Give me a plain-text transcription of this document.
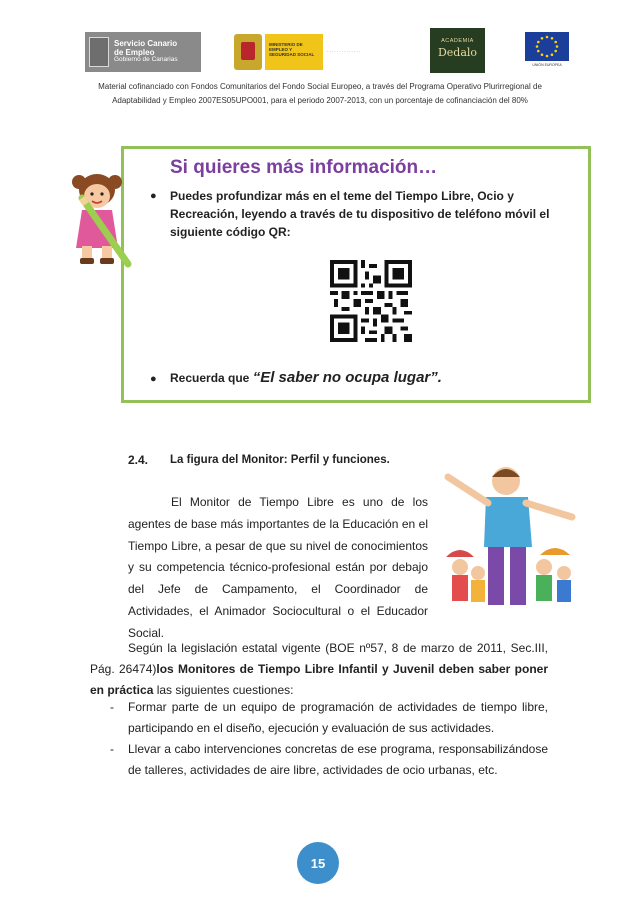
Servicio Canario
de Empleo
Gobierno de Canarias
MINISTERIO DE EMPLEO Y SEGURIDAD SOCIAL
· · · · · · · · · · · · · ·
ACADEMIA
Dedalo
UNIÓN EUROPEA
Material cofinanciado con Fondos Comunitarios del Fondo Social Europeo, a través del Programa Operativo Plurirregional de
Adaptabilidad y Empleo 2007ES05UPO001, para el periodo 2007-2013, con un porcentaje de cofinanciación del 80%
Si quieres más información…
● Puedes profundizar más en el teme del Tiempo Libre, Ocio y Recreación, leyendo a través de tu dispositivo de teléfono móvil el siguiente código QR:
● Recuerda que “El saber no ocupa lugar”.
2.4. La figura del Monitor: Perfil y funciones.
El Monitor de Tiempo Libre es uno de los agentes de base más importantes de la Educación en el Tiempo Libre, a pesar de que su nivel de conocimientos y su competencia técnico-profesional están por debajo del Jefe de Campamento, el Coordinador de Actividades, el Animador Sociocultural o el Educador Social.
Según la legislación estatal vigente (BOE nº57, 8 de marzo de 2011, Sec.III, Pág. 26474)los Monitores de Tiempo Libre Infantil y Juvenil deben saber poner en práctica las siguientes cuestiones:
- Formar parte de un equipo de programación de actividades de tiempo libre, participando en el diseño, ejecución y evaluación de sus actividades.
- Llevar a cabo intervenciones concretas de ese programa, responsabilizándose de talleres, actividades de aire libre, actividades de ocio urbanas, etc.
15
